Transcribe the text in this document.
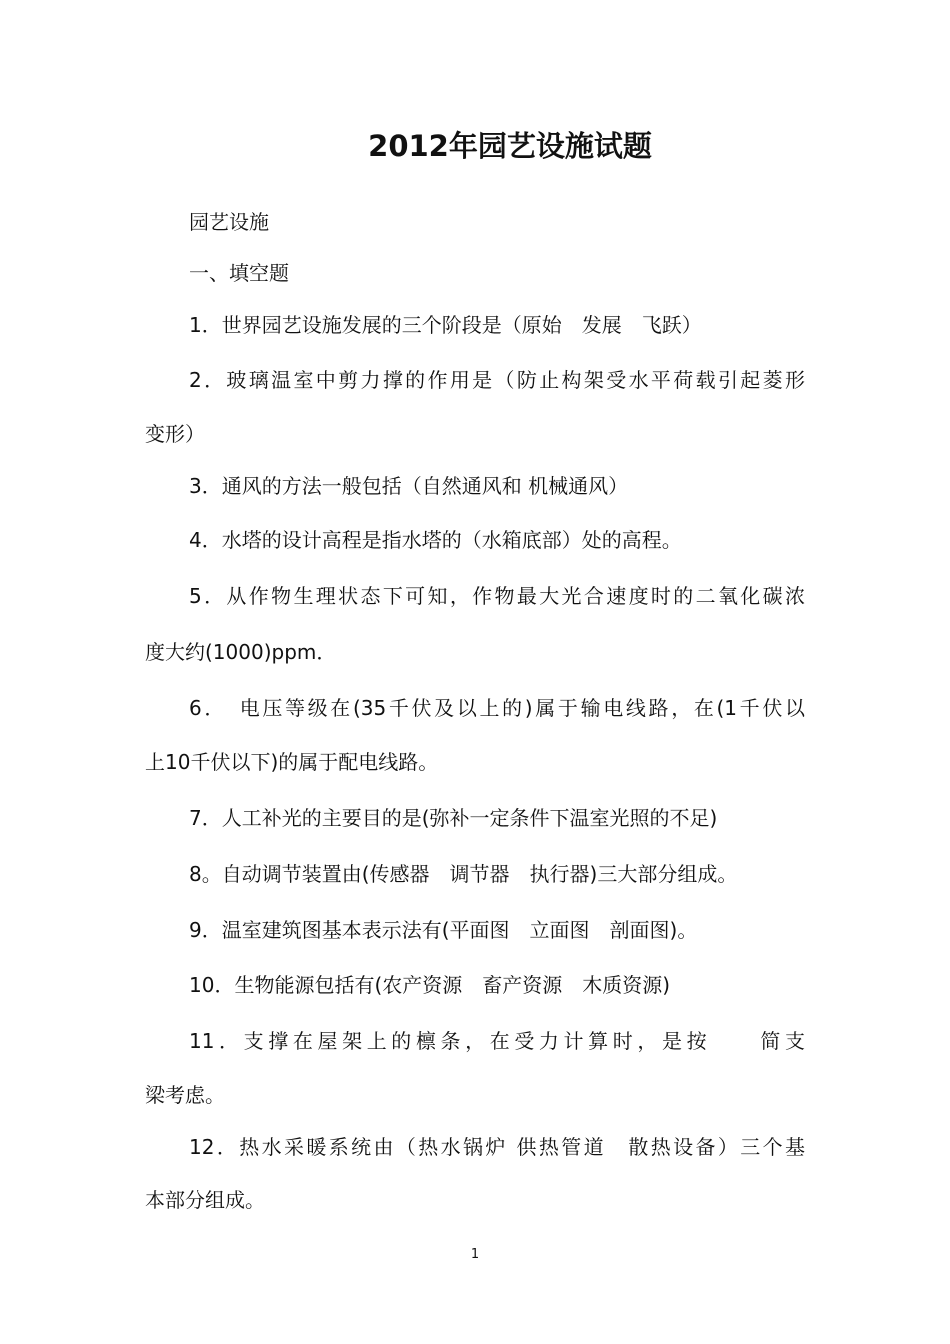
2012年园艺设施试题
园艺设施
一、填空题
1．世界园艺设施发展的三个阶段是（原始　发展　飞跃）
2．玻璃温室中剪力撑的作用是（防止构架受水平荷载引起菱形
变形）
3．通风的方法一般包括（自然通风和 机械通风）
4．水塔的设计高程是指水塔的（水箱底部）处的高程。
5．从作物生理状态下可知，作物最大光合速度时的二氧化碳浓
度大约(1000)ppm．
6．　电压等级在(35千伏及以上的)属于输电线路，在(1千伏以
上10千伏以下)的属于配电线路。
7．人工补光的主要目的是(弥补一定条件下温室光照的不足)
8。自动调节装置由(传感器　调节器　执行器)三大部分组成。
9．温室建筑图基本表示法有(平面图　立面图　剖面图)。
10．生物能源包括有(农产资源　畜产资源　木质资源)
11．支撑在屋架上的檩条，在受力计算时，是按　　简支
梁考虑。
12．热水采暖系统由（热水锅炉 供热管道　散热设备）三个基
本部分组成。
1
